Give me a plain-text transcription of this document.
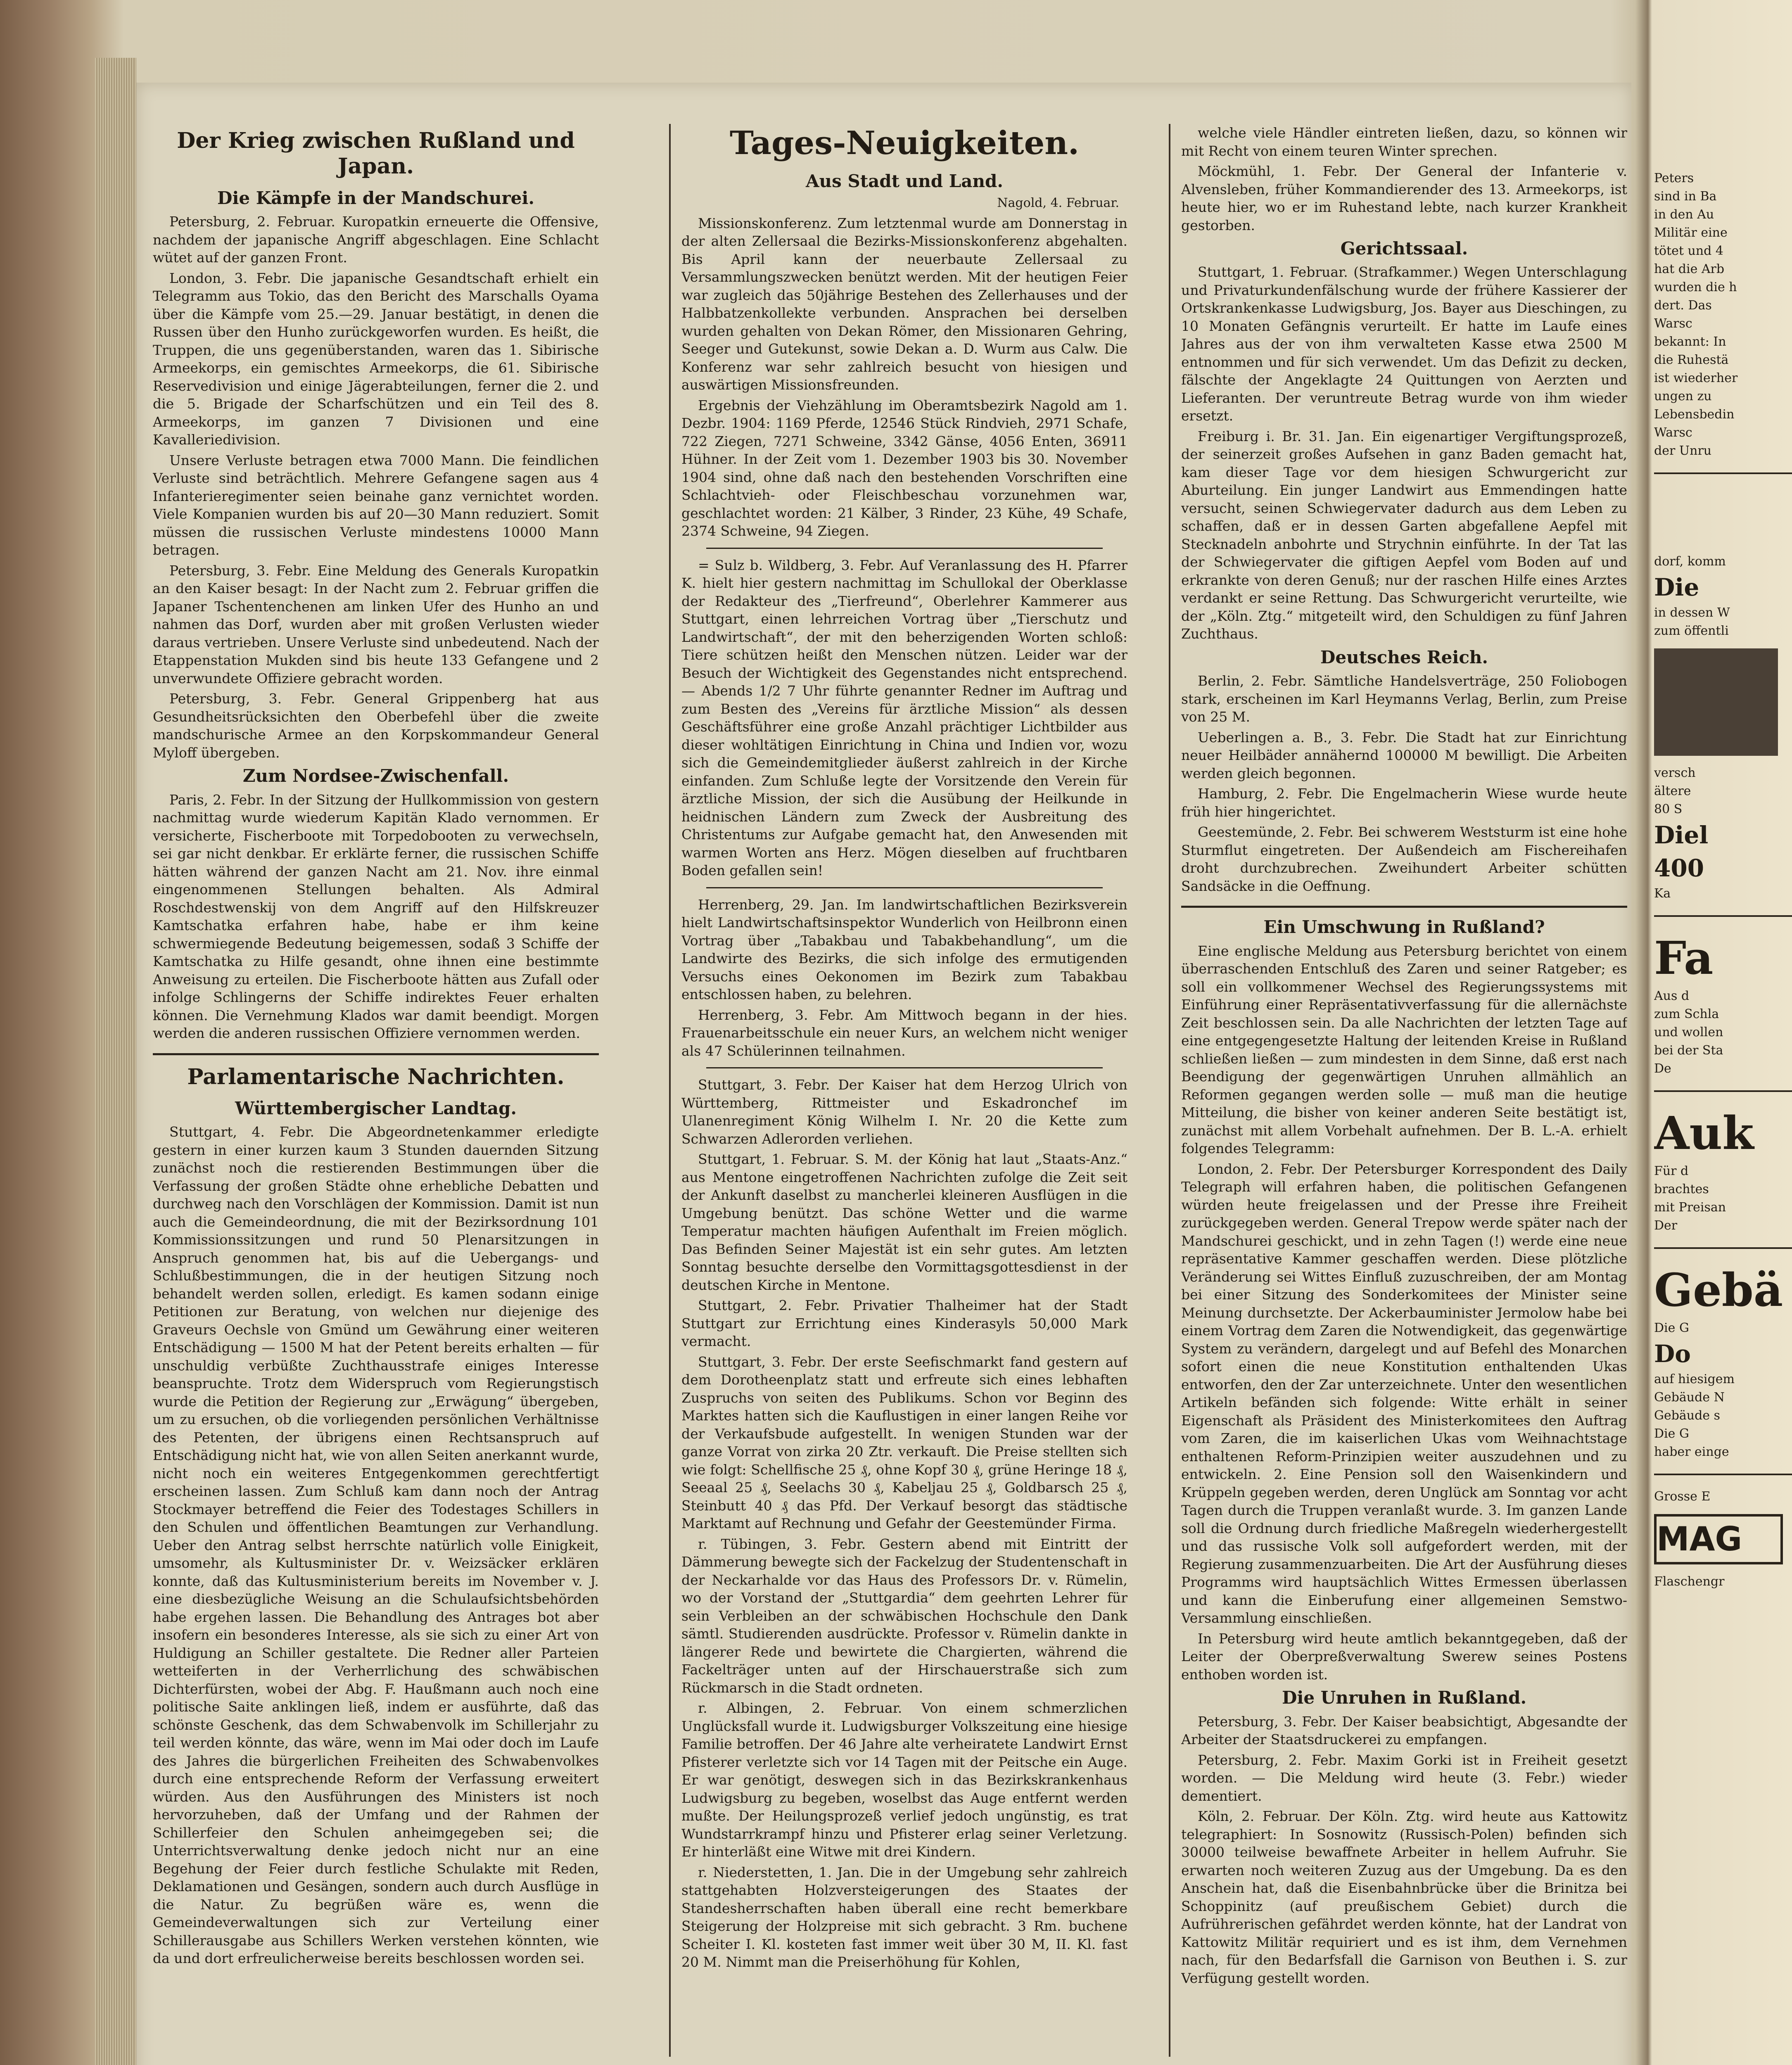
Der Krieg zwischen Rußland und Japan.
Die Kämpfe in der Mandschurei.

Petersburg, 2. Februar. Kuropatkin erneuerte die Offensive, nachdem der japanische Angriff abgeschlagen. Eine Schlacht wütet auf der ganzen Front.

London, 3. Febr. Die japanische Gesandtschaft erhielt ein Telegramm aus Tokio, das den Bericht des Marschalls Oyama über die Kämpfe vom 25.—29. Januar bestätigt, in denen die Russen über den Hunho zurückgeworfen wurden. Es heißt, die Truppen, die uns gegenüberstanden, waren das 1. Sibirische Armeekorps, ein gemischtes Armeekorps, die 61. Sibirische Reservedivision und einige Jägerabteilungen, ferner die 2. und die 5. Brigade der Scharfschützen und ein Teil des 8. Armeekorps, im ganzen 7 Divisionen und eine Kavalleriedivision.

Unsere Verluste betragen etwa 7000 Mann. Die feindlichen Verluste sind beträchtlich. Mehrere Gefangene sagen aus 4 Infanterieregimenter seien beinahe ganz vernichtet worden. Viele Kompanien wurden bis auf 20—30 Mann reduziert. Somit müssen die russischen Verluste mindestens 10000 Mann betragen.

Petersburg, 3. Febr. Eine Meldung des Generals Kuropatkin an den Kaiser besagt: In der Nacht zum 2. Februar griffen die Japaner Tschentenchenen am linken Ufer des Hunho an und nahmen das Dorf, wurden aber mit großen Verlusten wieder daraus vertrieben. Unsere Verluste sind unbedeutend. Nach der Etappenstation Mukden sind bis heute 133 Gefangene und 2 unverwundete Offiziere gebracht worden.

Petersburg, 3. Febr. General Grippenberg hat aus Gesundheitsrücksichten den Oberbefehl über die zweite mandschurische Armee an den Korpskommandeur General Myloff übergeben.

Zum Nordsee-Zwischenfall.

Paris, 2. Febr. In der Sitzung der Hullkommission von gestern nachmittag wurde wiederum Kapitän Klado vernommen. Er versicherte, Fischerboote mit Torpedobooten zu verwechseln, sei gar nicht denkbar. Er erklärte ferner, die russischen Schiffe hätten während der ganzen Nacht am 21. Nov. ihre einmal eingenommenen Stellungen behalten. Als Admiral Roschdestwenskij von dem Angriff auf den Hilfskreuzer Kamtschatka erfahren habe, habe er ihm keine schwermiegende Bedeutung beigemessen, sodaß 3 Schiffe der Kamtschatka zu Hilfe gesandt, ohne ihnen eine bestimmte Anweisung zu erteilen. Die Fischerboote hätten aus Zufall oder infolge Schlingerns der Schiffe indirektes Feuer erhalten können. Die Vernehmung Klados war damit beendigt. Morgen werden die anderen russischen Offiziere vernommen werden.

Parlamentarische Nachrichten.
Württembergischer Landtag.

Stuttgart, 4. Febr. Die Abgeordnetenkammer erledigte gestern in einer kurzen kaum 3 Stunden dauernden Sitzung zunächst noch die restierenden Bestimmungen über die Verfassung der großen Städte ohne erhebliche Debatten und durchweg nach den Vorschlägen der Kommission. Damit ist nun auch die Gemeindeordnung, die mit der Bezirksordnung 101 Kommissionssitzungen und rund 50 Plenarsitzungen in Anspruch genommen hat, bis auf die Uebergangs- und Schlußbestimmungen, die in der heutigen Sitzung noch behandelt werden sollen, erledigt. Es kamen sodann einige Petitionen zur Beratung, von welchen nur diejenige des Graveurs Oechsle von Gmünd um Gewährung einer weiteren Entschädigung — 1500 M hat der Petent bereits erhalten — für unschuldig verbüßte Zuchthausstrafe einiges Interesse beanspruchte. Trotz dem Widerspruch vom Regierungstisch wurde die Petition der Regierung zur „Erwägung“ übergeben, um zu ersuchen, ob die vorliegenden persönlichen Verhältnisse des Petenten, der übrigens einen Rechtsanspruch auf Entschädigung nicht hat, wie von allen Seiten anerkannt wurde, nicht noch ein weiteres Entgegenkommen gerechtfertigt erscheinen lassen. Zum Schluß kam dann noch der Antrag Stockmayer betreffend die Feier des Todestages Schillers in den Schulen und öffentlichen Beamtungen zur Verhandlung. Ueber den Antrag selbst herrschte natürlich volle Einigkeit, umsomehr, als Kultusminister Dr. v. Weizsäcker erklären konnte, daß das Kultusministerium bereits im November v. J. eine diesbezügliche Weisung an die Schulaufsichtsbehörden habe ergehen lassen. Die Behandlung des Antrages bot aber insofern ein besonderes Interesse, als sie sich zu einer Art von Huldigung an Schiller gestaltete. Die Redner aller Parteien wetteiferten in der Verherrlichung des schwäbischen Dichterfürsten, wobei der Abg. F. Haußmann auch noch eine politische Saite anklingen ließ, indem er ausführte, daß das schönste Geschenk, das dem Schwabenvolk im Schillerjahr zu teil werden könnte, das wäre, wenn im Mai oder doch im Laufe des Jahres die bürgerlichen Freiheiten des Schwabenvolkes durch eine entsprechende Reform der Verfassung erweitert würden. Aus den Ausführungen des Ministers ist noch hervorzuheben, daß der Umfang und der Rahmen der Schillerfeier den Schulen anheimgegeben sei; die Unterrichtsverwaltung denke jedoch nicht nur an eine Begehung der Feier durch festliche Schulakte mit Reden, Deklamationen und Gesängen, sondern auch durch Ausflüge in die Natur. Zu begrüßen wäre es, wenn die Gemeindeverwaltungen sich zur Verteilung einer Schillerausgabe aus Schillers Werken verstehen könnten, wie da und dort erfreulicherweise bereits beschlossen worden sei.

Tages-Neuigkeiten.
Aus Stadt und Land.
Nagold, 4. Februar.

Missionskonferenz. Zum letztenmal wurde am Donnerstag in der alten Zellersaal die Bezirks-Missionskonferenz abgehalten. Bis April kann der neuerbaute Zellersaal zu Versammlungszwecken benützt werden. Mit der heutigen Feier war zugleich das 50jährige Bestehen des Zellerhauses und der Halbbatzenkollekte verbunden. Ansprachen bei derselben wurden gehalten von Dekan Römer, den Missionaren Gehring, Seeger und Gutekunst, sowie Dekan a. D. Wurm aus Calw. Die Konferenz war sehr zahlreich besucht von hiesigen und auswärtigen Missionsfreunden.

Ergebnis der Viehzählung im Oberamtsbezirk Nagold am 1. Dezbr. 1904: 1169 Pferde, 12546 Stück Rindvieh, 2971 Schafe, 722 Ziegen, 7271 Schweine, 3342 Gänse, 4056 Enten, 36911 Hühner. In der Zeit vom 1. Dezember 1903 bis 30. November 1904 sind, ohne daß nach den bestehenden Vorschriften eine Schlachtvieh- oder Fleischbeschau vorzunehmen war, geschlachtet worden: 21 Kälber, 3 Rinder, 23 Kühe, 49 Schafe, 2374 Schweine, 94 Ziegen.

= Sulz b. Wildberg, 3. Febr. Auf Veranlassung des H. Pfarrer K. hielt hier gestern nachmittag im Schullokal der Oberklasse der Redakteur des „Tierfreund“, Oberlehrer Kammerer aus Stuttgart, einen lehrreichen Vortrag über „Tierschutz und Landwirtschaft“, der mit den beherzigenden Worten schloß: Tiere schützen heißt den Menschen nützen. Leider war der Besuch der Wichtigkeit des Gegenstandes nicht entsprechend. — Abends 1/2 7 Uhr führte genannter Redner im Auftrag und zum Besten des „Vereins für ärztliche Mission“ als dessen Geschäftsführer eine große Anzahl prächtiger Lichtbilder aus dieser wohltätigen Einrichtung in China und Indien vor, wozu sich die Gemeindemitglieder äußerst zahlreich in der Kirche einfanden. Zum Schluße legte der Vorsitzende den Verein für ärztliche Mission, der sich die Ausübung der Heilkunde in heidnischen Ländern zum Zweck der Ausbreitung des Christentums zur Aufgabe gemacht hat, den Anwesenden mit warmen Worten ans Herz. Mögen dieselben auf fruchtbaren Boden gefallen sein!

Herrenberg, 29. Jan. Im landwirtschaftlichen Bezirksverein hielt Landwirtschaftsinspektor Wunderlich von Heilbronn einen Vortrag über „Tabakbau und Tabakbehandlung“, um die Landwirte des Bezirks, die sich infolge des ermutigenden Versuchs eines Oekonomen im Bezirk zum Tabakbau entschlossen haben, zu belehren.

Herrenberg, 3. Febr. Am Mittwoch begann in der hies. Frauenarbeitsschule ein neuer Kurs, an welchem nicht weniger als 47 Schülerinnen teilnahmen.

Stuttgart, 3. Febr. Der Kaiser hat dem Herzog Ulrich von Württemberg, Rittmeister und Eskadronchef im Ulanenregiment König Wilhelm I. Nr. 20 die Kette zum Schwarzen Adlerorden verliehen.

Stuttgart, 1. Februar. S. M. der König hat laut „Staats-Anz.“ aus Mentone eingetroffenen Nachrichten zufolge die Zeit seit der Ankunft daselbst zu mancherlei kleineren Ausflügen in die Umgebung benützt. Das schöne Wetter und die warme Temperatur machten häufigen Aufenthalt im Freien möglich. Das Befinden Seiner Majestät ist ein sehr gutes. Am letzten Sonntag besuchte derselbe den Vormittagsgottesdienst in der deutschen Kirche in Mentone.

Stuttgart, 2. Febr. Privatier Thalheimer hat der Stadt Stuttgart zur Errichtung eines Kinderasyls 50,000 Mark vermacht.

Stuttgart, 3. Febr. Der erste Seefischmarkt fand gestern auf dem Dorotheenplatz statt und erfreute sich eines lebhaften Zuspruchs von seiten des Publikums. Schon vor Beginn des Marktes hatten sich die Kauflustigen in einer langen Reihe vor der Verkaufsbude aufgestellt. In wenigen Stunden war der ganze Vorrat von zirka 20 Ztr. verkauft. Die Preise stellten sich wie folgt: Schellfische 25 ₰, ohne Kopf 30 ₰, grüne Heringe 18 ₰, Seeaal 25 ₰, Seelachs 30 ₰, Kabeljau 25 ₰, Goldbarsch 25 ₰, Steinbutt 40 ₰ das Pfd. Der Verkauf besorgt das städtische Marktamt auf Rechnung und Gefahr der Geestemünder Firma.

r. Tübingen, 3. Febr. Gestern abend mit Eintritt der Dämmerung bewegte sich der Fackelzug der Studentenschaft in der Neckarhalde vor das Haus des Professors Dr. v. Rümelin, wo der Vorstand der „Stuttgardia“ dem geehrten Lehrer für sein Verbleiben an der schwäbischen Hochschule den Dank sämtl. Studierenden ausdrückte. Professor v. Rümelin dankte in längerer Rede und bewirtete die Chargierten, während die Fackelträger unten auf der Hirschauerstraße sich zum Rückmarsch in die Stadt ordneten.

r. Albingen, 2. Februar. Von einem schmerzlichen Unglücksfall wurde it. Ludwigsburger Volkszeitung eine hiesige Familie betroffen. Der 46 Jahre alte verheiratete Landwirt Ernst Pfisterer verletzte sich vor 14 Tagen mit der Peitsche ein Auge. Er war genötigt, deswegen sich in das Bezirkskrankenhaus Ludwigsburg zu begeben, woselbst das Auge entfernt werden mußte. Der Heilungsprozeß verlief jedoch ungünstig, es trat Wundstarrkrampf hinzu und Pfisterer erlag seiner Verletzung. Er hinterläßt eine Witwe mit drei Kindern.

r. Niederstetten, 1. Jan. Die in der Umgebung sehr zahlreich stattgehabten Holzversteigerungen des Staates der Standesherrschaften haben überall eine recht bemerkbare Steigerung der Holzpreise mit sich gebracht. 3 Rm. buchene Scheiter I. Kl. kosteten fast immer weit über 30 M, II. Kl. fast 20 M. Nimmt man die Preiserhöhung für Kohlen,

welche viele Händler eintreten ließen, dazu, so können wir mit Recht von einem teuren Winter sprechen.

Möckmühl, 1. Febr. Der General der Infanterie v. Alvensleben, früher Kommandierender des 13. Armeekorps, ist heute hier, wo er im Ruhestand lebte, nach kurzer Krankheit gestorben.

Gerichtssaal.

Stuttgart, 1. Februar. (Strafkammer.) Wegen Unterschlagung und Privaturkundenfälschung wurde der frühere Kassierer der Ortskrankenkasse Ludwigsburg, Jos. Bayer aus Dieschingen, zu 10 Monaten Gefängnis verurteilt. Er hatte im Laufe eines Jahres aus der von ihm verwalteten Kasse etwa 2500 M entnommen und für sich verwendet. Um das Defizit zu decken, fälschte der Angeklagte 24 Quittungen von Aerzten und Lieferanten. Der veruntreute Betrag wurde von ihm wieder ersetzt.

Freiburg i. Br. 31. Jan. Ein eigenartiger Vergiftungsprozeß, der seinerzeit großes Aufsehen in ganz Baden gemacht hat, kam dieser Tage vor dem hiesigen Schwurgericht zur Aburteilung. Ein junger Landwirt aus Emmendingen hatte versucht, seinen Schwiegervater dadurch aus dem Leben zu schaffen, daß er in dessen Garten abgefallene Aepfel mit Stecknadeln anbohrte und Strychnin einführte. In der Tat las der Schwiegervater die giftigen Aepfel vom Boden auf und erkrankte von deren Genuß; nur der raschen Hilfe eines Arztes verdankt er seine Rettung. Das Schwurgericht verurteilte, wie der „Köln. Ztg.“ mitgeteilt wird, den Schuldigen zu fünf Jahren Zuchthaus.

Deutsches Reich.

Berlin, 2. Febr. Sämtliche Handelsverträge, 250 Foliobogen stark, erscheinen im Karl Heymanns Verlag, Berlin, zum Preise von 25 M.

Ueberlingen a. B., 3. Febr. Die Stadt hat zur Einrichtung neuer Heilbäder annähernd 100000 M bewilligt. Die Arbeiten werden gleich begonnen.

Hamburg, 2. Febr. Die Engelmacherin Wiese wurde heute früh hier hingerichtet.

Geestemünde, 2. Febr. Bei schwerem Weststurm ist eine hohe Sturmflut eingetreten. Der Außendeich am Fischereihafen droht durchzubrechen. Zweihundert Arbeiter schütten Sandsäcke in die Oeffnung.

Ein Umschwung in Rußland?

Eine englische Meldung aus Petersburg berichtet von einem überraschenden Entschluß des Zaren und seiner Ratgeber; es soll ein vollkommener Wechsel des Regierungssystems mit Einführung einer Repräsentativverfassung für die allernächste Zeit beschlossen sein. Da alle Nachrichten der letzten Tage auf eine entgegengesetzte Haltung der leitenden Kreise in Rußland schließen ließen — zum mindesten in dem Sinne, daß erst nach Beendigung der gegenwärtigen Unruhen allmählich an Reformen gegangen werden solle — muß man die heutige Mitteilung, die bisher von keiner anderen Seite bestätigt ist, zunächst mit allem Vorbehalt aufnehmen. Der B. L.-A. erhielt folgendes Telegramm:

London, 2. Febr. Der Petersburger Korrespondent des Daily Telegraph will erfahren haben, die politischen Gefangenen würden heute freigelassen und der Presse ihre Freiheit zurückgegeben werden. General Trepow werde später nach der Mandschurei geschickt, und in zehn Tagen (!) werde eine neue repräsentative Kammer geschaffen werden. Diese plötzliche Veränderung sei Wittes Einfluß zuzuschreiben, der am Montag bei einer Sitzung des Sonderkomitees der Minister seine Meinung durchsetzte. Der Ackerbauminister Jermolow habe bei einem Vortrag dem Zaren die Notwendigkeit, das gegenwärtige System zu verändern, dargelegt und auf Befehl des Monarchen sofort einen die neue Konstitution enthaltenden Ukas entworfen, den der Zar unterzeichnete. Unter den wesentlichen Artikeln befänden sich folgende: Witte erhält in seiner Eigenschaft als Präsident des Ministerkomitees den Auftrag vom Zaren, die im kaiserlichen Ukas vom Weihnachtstage enthaltenen Reform-Prinzipien weiter auszudehnen und zu entwickeln. 2. Eine Pension soll den Waisenkindern und Krüppeln gegeben werden, deren Unglück am Sonntag vor acht Tagen durch die Truppen veranlaßt wurde. 3. Im ganzen Lande soll die Ordnung durch friedliche Maßregeln wiederhergestellt und das russische Volk soll aufgefordert werden, mit der Regierung zusammenzuarbeiten. Die Art der Ausführung dieses Programms wird hauptsächlich Wittes Ermessen überlassen und kann die Einberufung einer allgemeinen Semstwo-Versammlung einschließen.

In Petersburg wird heute amtlich bekanntgegeben, daß der Leiter der Oberpreßverwaltung Swerew seines Postens enthoben worden ist.

Die Unruhen in Rußland.

Petersburg, 3. Febr. Der Kaiser beabsichtigt, Abgesandte der Arbeiter der Staatsdruckerei zu empfangen.

Petersburg, 2. Febr. Maxim Gorki ist in Freiheit gesetzt worden. — Die Meldung wird heute (3. Febr.) wieder dementiert.

Köln, 2. Februar. Der Köln. Ztg. wird heute aus Kattowitz telegraphiert: In Sosnowitz (Russisch-Polen) befinden sich 30000 teilweise bewaffnete Arbeiter in hellem Aufruhr. Sie erwarten noch weiteren Zuzug aus der Umgebung. Da es den Anschein hat, daß die Eisenbahnbrücke über die Brinitza bei Schoppinitz (auf preußischem Gebiet) durch die Aufrührerischen gefährdet werden könnte, hat der Landrat von Kattowitz Militär requiriert und es ist ihm, dem Vernehmen nach, für den Bedarfsfall die Garnison von Beuthen i. S. zur Verfügung gestellt worden.

Peters
sind in Ba
in den Au
Militär eine
tötet und 4
hat die Arb
wurden die h
dert. Das
Warsc
bekannt: In
die Ruhestä
ist wiederher
ungen zu
Lebensbedin
Warsc
der Unru
dorf, komm
Die
in dessen W
zum öffentli
versch
ältere
80 S
Diel
400
Ka
Fa
Aus d
zum Schla
und wollen
bei der Sta
De
Auk
Für d
brachtes
mit Preisan
Der
Gebä
Die G
Do
auf hiesigem
Gebäude N
Gebäude s
Die G
haber einge
Grosse E
MAG
Flaschengr
